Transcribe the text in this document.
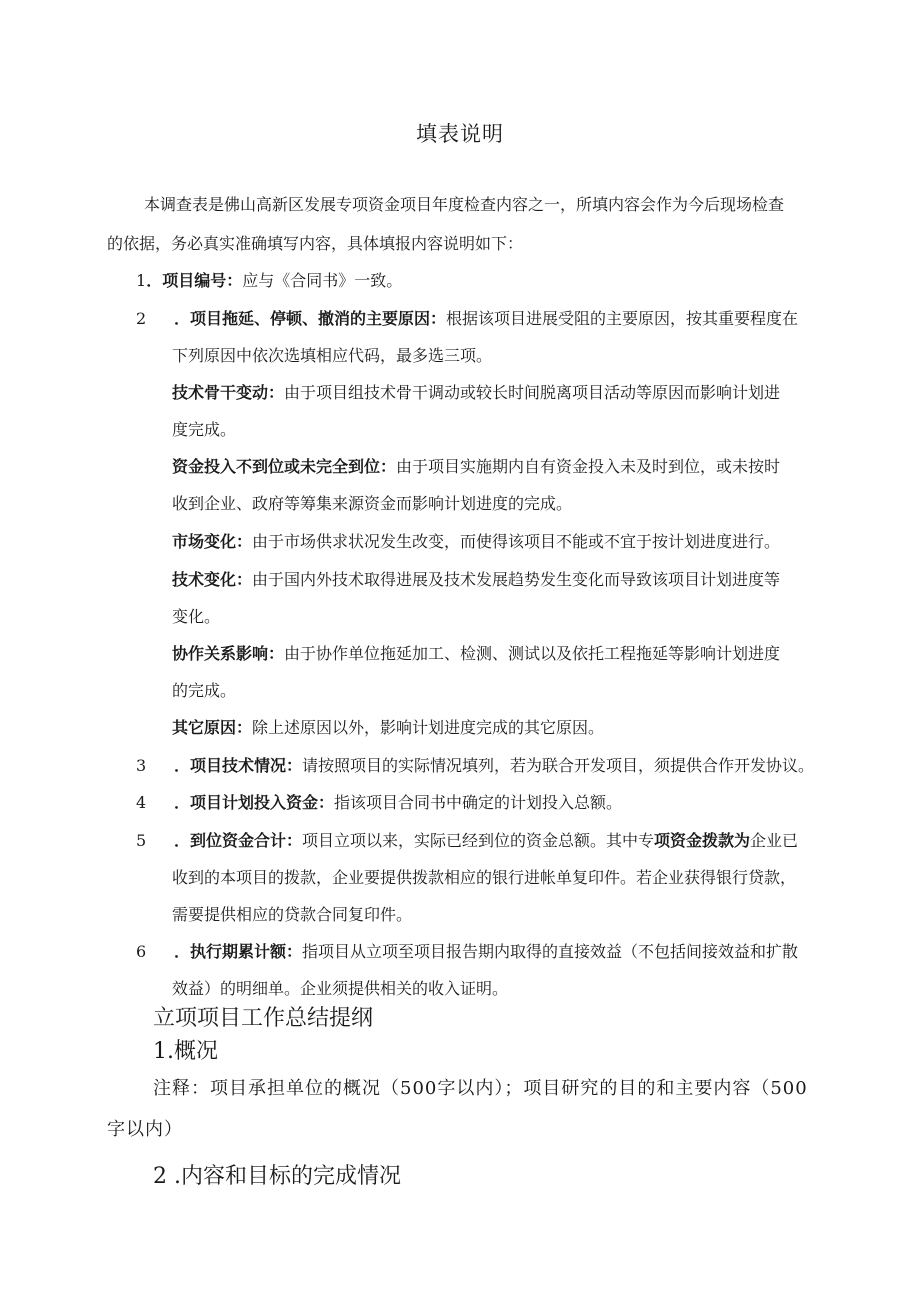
填表说明
本调查表是佛山高新区发展专项资金项目年度检查内容之一，所填内容会作为今后现场检查
的依据，务必真实准确填写内容，具体填报内容说明如下：
1．项目编号：应与《合同书》一致。
2 ．项目拖延、停顿、撤消的主要原因：根据该项目进展受阻的主要原因，按其重要程度在
下列原因中依次选填相应代码，最多选三项。
技术骨干变动：由于项目组技术骨干调动或较长时间脱离项目活动等原因而影响计划进
度完成。
资金投入不到位或未完全到位：由于项目实施期内自有资金投入未及时到位，或未按时
收到企业、政府等筹集来源资金而影响计划进度的完成。
市场变化：由于市场供求状况发生改变，而使得该项目不能或不宜于按计划进度进行。
技术变化：由于国内外技术取得进展及技术发展趋势发生变化而导致该项目计划进度等
变化。
协作关系影响：由于协作单位拖延加工、检测、测试以及依托工程拖延等影响计划进度
的完成。
其它原因：除上述原因以外，影响计划进度完成的其它原因。
3 ．项目技术情况：请按照项目的实际情况填列，若为联合开发项目，须提供合作开发协议。
4 ．项目计划投入资金：指该项目合同书中确定的计划投入总额。
5 ．到位资金合计：项目立项以来，实际已经到位的资金总额。其中专项资金拨款为企业已
收到的本项目的拨款，企业要提供拨款相应的银行进帐单复印件。若企业获得银行贷款，
需要提供相应的贷款合同复印件。
6 ．执行期累计额：指项目从立项至项目报告期内取得的直接效益（不包括间接效益和扩散
效益）的明细单。企业须提供相关的收入证明。
立项项目工作总结提纲
1.概况
注释：项目承担单位的概况（500字以内）；项目研究的目的和主要内容（500
字以内）
2 .内容和目标的完成情况
